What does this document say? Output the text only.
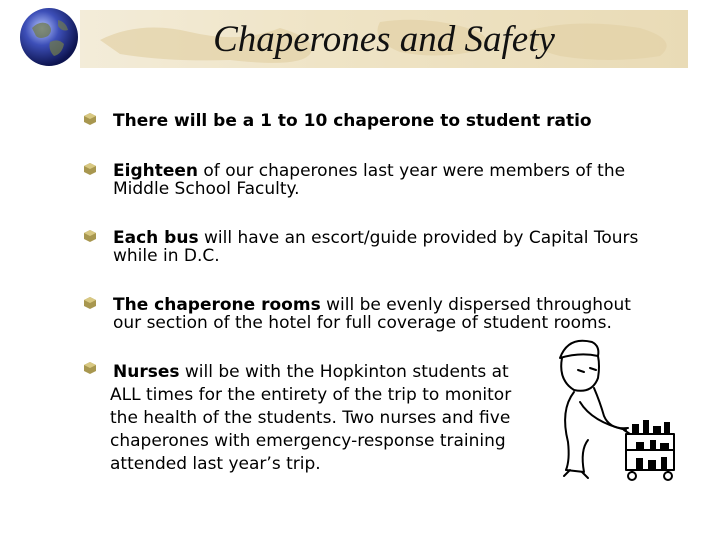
Chaperones and Safety
There will be a 1 to 10 chaperone to student ratio
Eighteen of our chaperones last year were members of the
Middle School Faculty.
Each bus will have an escort/guide provided by Capital Tours
while in D.C.
The chaperone rooms will be evenly dispersed throughout
our section of the hotel for full coverage of student rooms.
Nurses will be with the Hopkinton students at
ALL times for the entirety of the trip to monitor
the health of the students. Two nurses and five
chaperones with emergency-response training
attended last year’s trip.
